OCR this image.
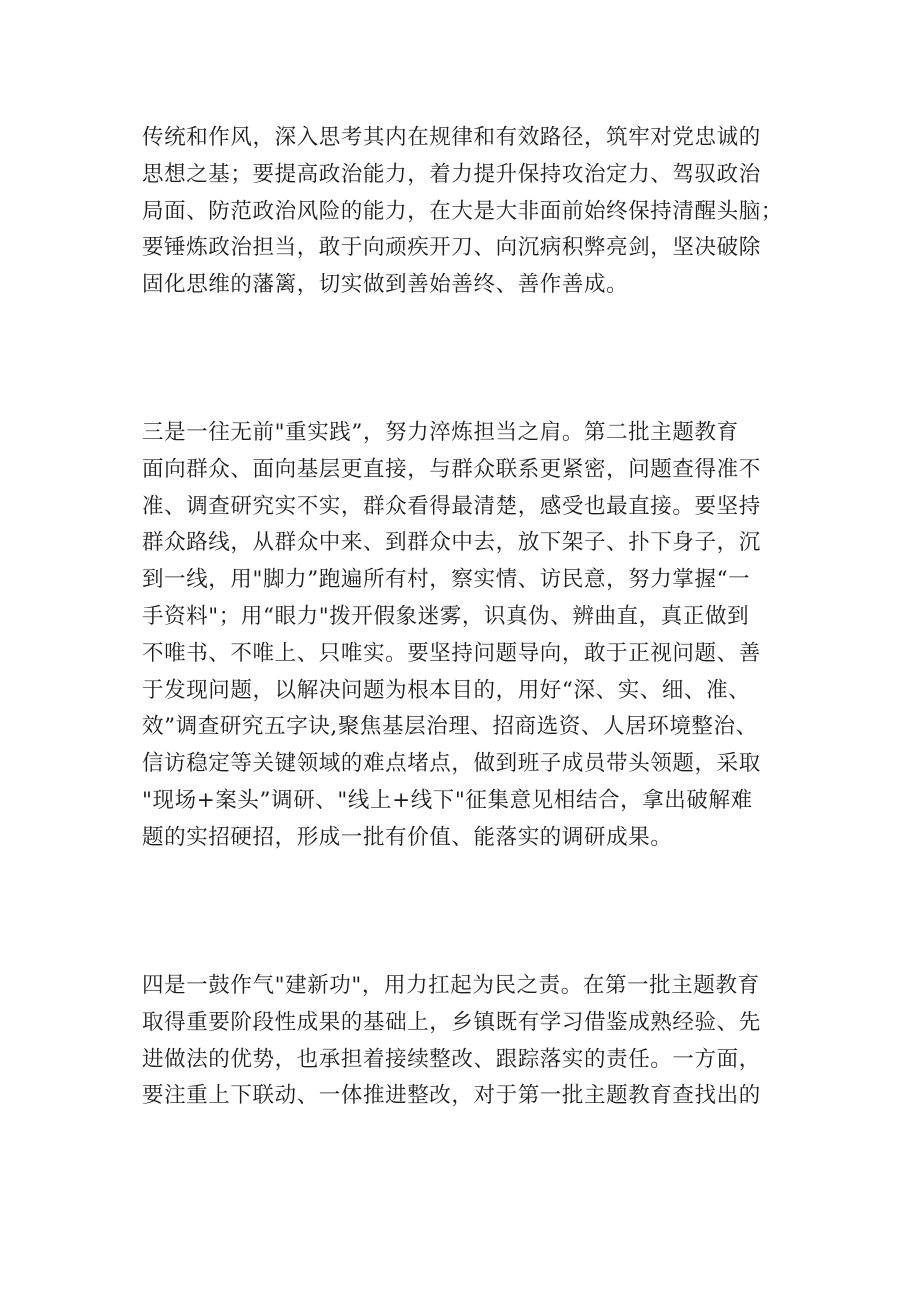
传统和作风，深入思考其内在规律和有效路径，筑牢对党忠诚的
思想之基；要提高政治能力，着力提升保持攻治定力、驾驭政治
局面、防范政治风险的能力，在大是大非面前始终保持清醒头脑；
要锤炼政治担当，敢于向顽疾开刀、向沉病积弊亮剑，坚决破除
固化思维的藩篱，切实做到善始善终、善作善成。
三是一往无前"重实践”，努力淬炼担当之肩。第二批主题教育
面向群众、面向基层更直接，与群众联系更紧密，问题查得准不
准、调查研究实不实，群众看得最清楚，感受也最直接。要坚持
群众路线，从群众中来、到群众中去，放下架子、扑下身子，沉
到一线，用"脚力”跑遍所有村，察实情、访民意，努力掌握“一
手资料"；用“眼力"拨开假象迷雾，识真伪、辨曲直，真正做到
不唯书、不唯上、只唯实。要坚持问题导向，敢于正视问题、善
于发现问题，以解决问题为根本目的，用好“深、实、细、准、
效”调查研究五字诀,聚焦基层治理、招商选资、人居环境整治、
信访稳定等关键领域的难点堵点，做到班子成员带头领题，采取
"现场+案头”调研、"线上+线下"征集意见相结合，拿出破解难
题的实招硬招，形成一批有价值、能落实的调研成果。
四是一鼓作气"建新功"，用力扛起为民之责。在第一批主题教育
取得重要阶段性成果的基础上，乡镇既有学习借鉴成熟经验、先
进做法的优势，也承担着接续整改、跟踪落实的责任。一方面，
要注重上下联动、一体推进整改，对于第一批主题教育查找出的
